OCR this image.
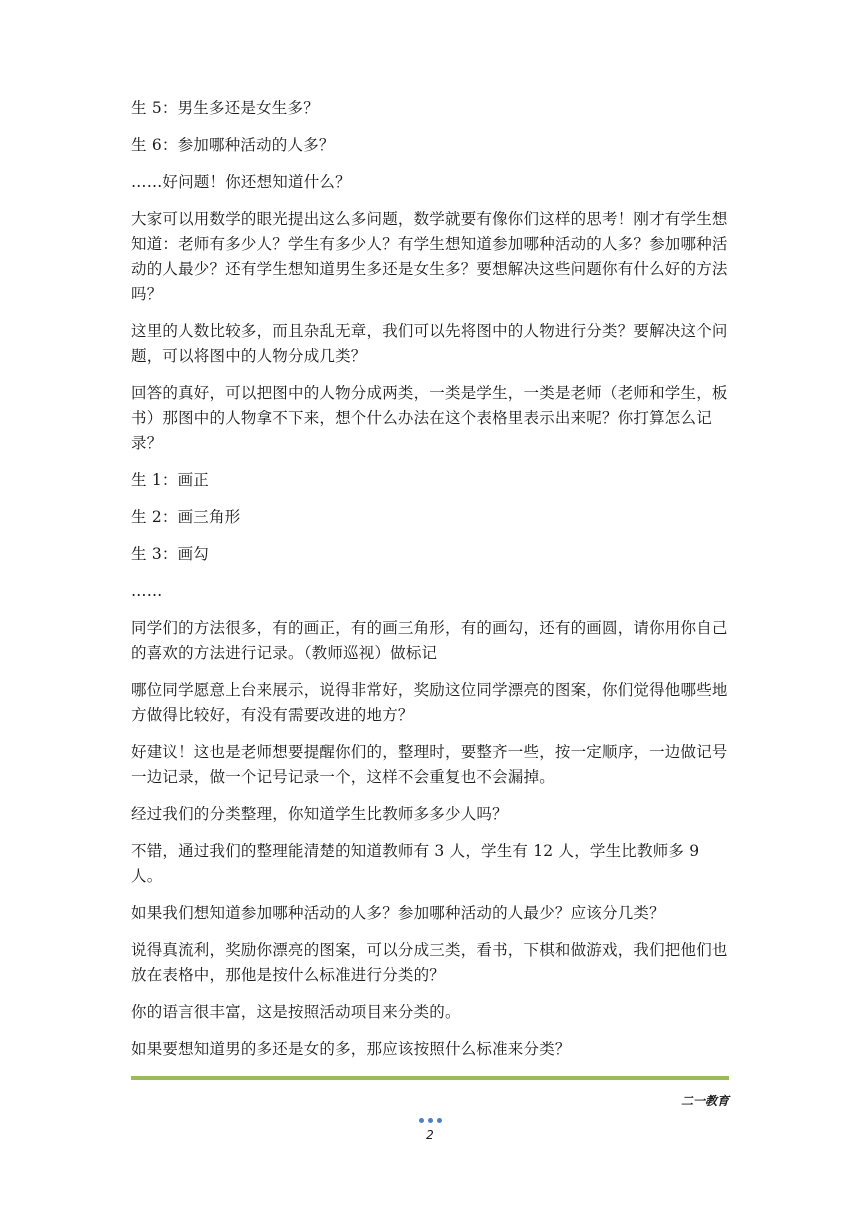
生 5：男生多还是女生多？

生 6：参加哪种活动的人多？

……好问题！你还想知道什么？

大家可以用数学的眼光提出这么多问题，数学就要有像你们这样的思考！刚才有学生想知道：老师有多少人？学生有多少人？有学生想知道参加哪种活动的人多？参加哪种活动的人最少？还有学生想知道男生多还是女生多？要想解决这些问题你有什么好的方法吗？

这里的人数比较多，而且杂乱无章，我们可以先将图中的人物进行分类？要解决这个问题，可以将图中的人物分成几类？

回答的真好，可以把图中的人物分成两类，一类是学生，一类是老师（老师和学生，板书）那图中的人物拿不下来，想个什么办法在这个表格里表示出来呢？你打算怎么记录？

生 1：画正

生 2：画三角形

生 3：画勾

……

同学们的方法很多，有的画正，有的画三角形，有的画勾，还有的画圆，请你用你自己的喜欢的方法进行记录。（教师巡视）做标记

哪位同学愿意上台来展示，说得非常好，奖励这位同学漂亮的图案，你们觉得他哪些地方做得比较好，有没有需要改进的地方？

好建议！这也是老师想要提醒你们的，整理时，要整齐一些，按一定顺序，一边做记号一边记录，做一个记号记录一个，这样不会重复也不会漏掉。

经过我们的分类整理，你知道学生比教师多多少人吗？

不错，通过我们的整理能清楚的知道教师有 3 人，学生有 12 人，学生比教师多 9 人。

如果我们想知道参加哪种活动的人多？参加哪种活动的人最少？应该分几类？

说得真流利，奖励你漂亮的图案，可以分成三类，看书，下棋和做游戏，我们把他们也放在表格中，那他是按什么标准进行分类的？

你的语言很丰富，这是按照活动项目来分类的。

如果要想知道男的多还是女的多，那应该按照什么标准来分类？

二一教育
2
